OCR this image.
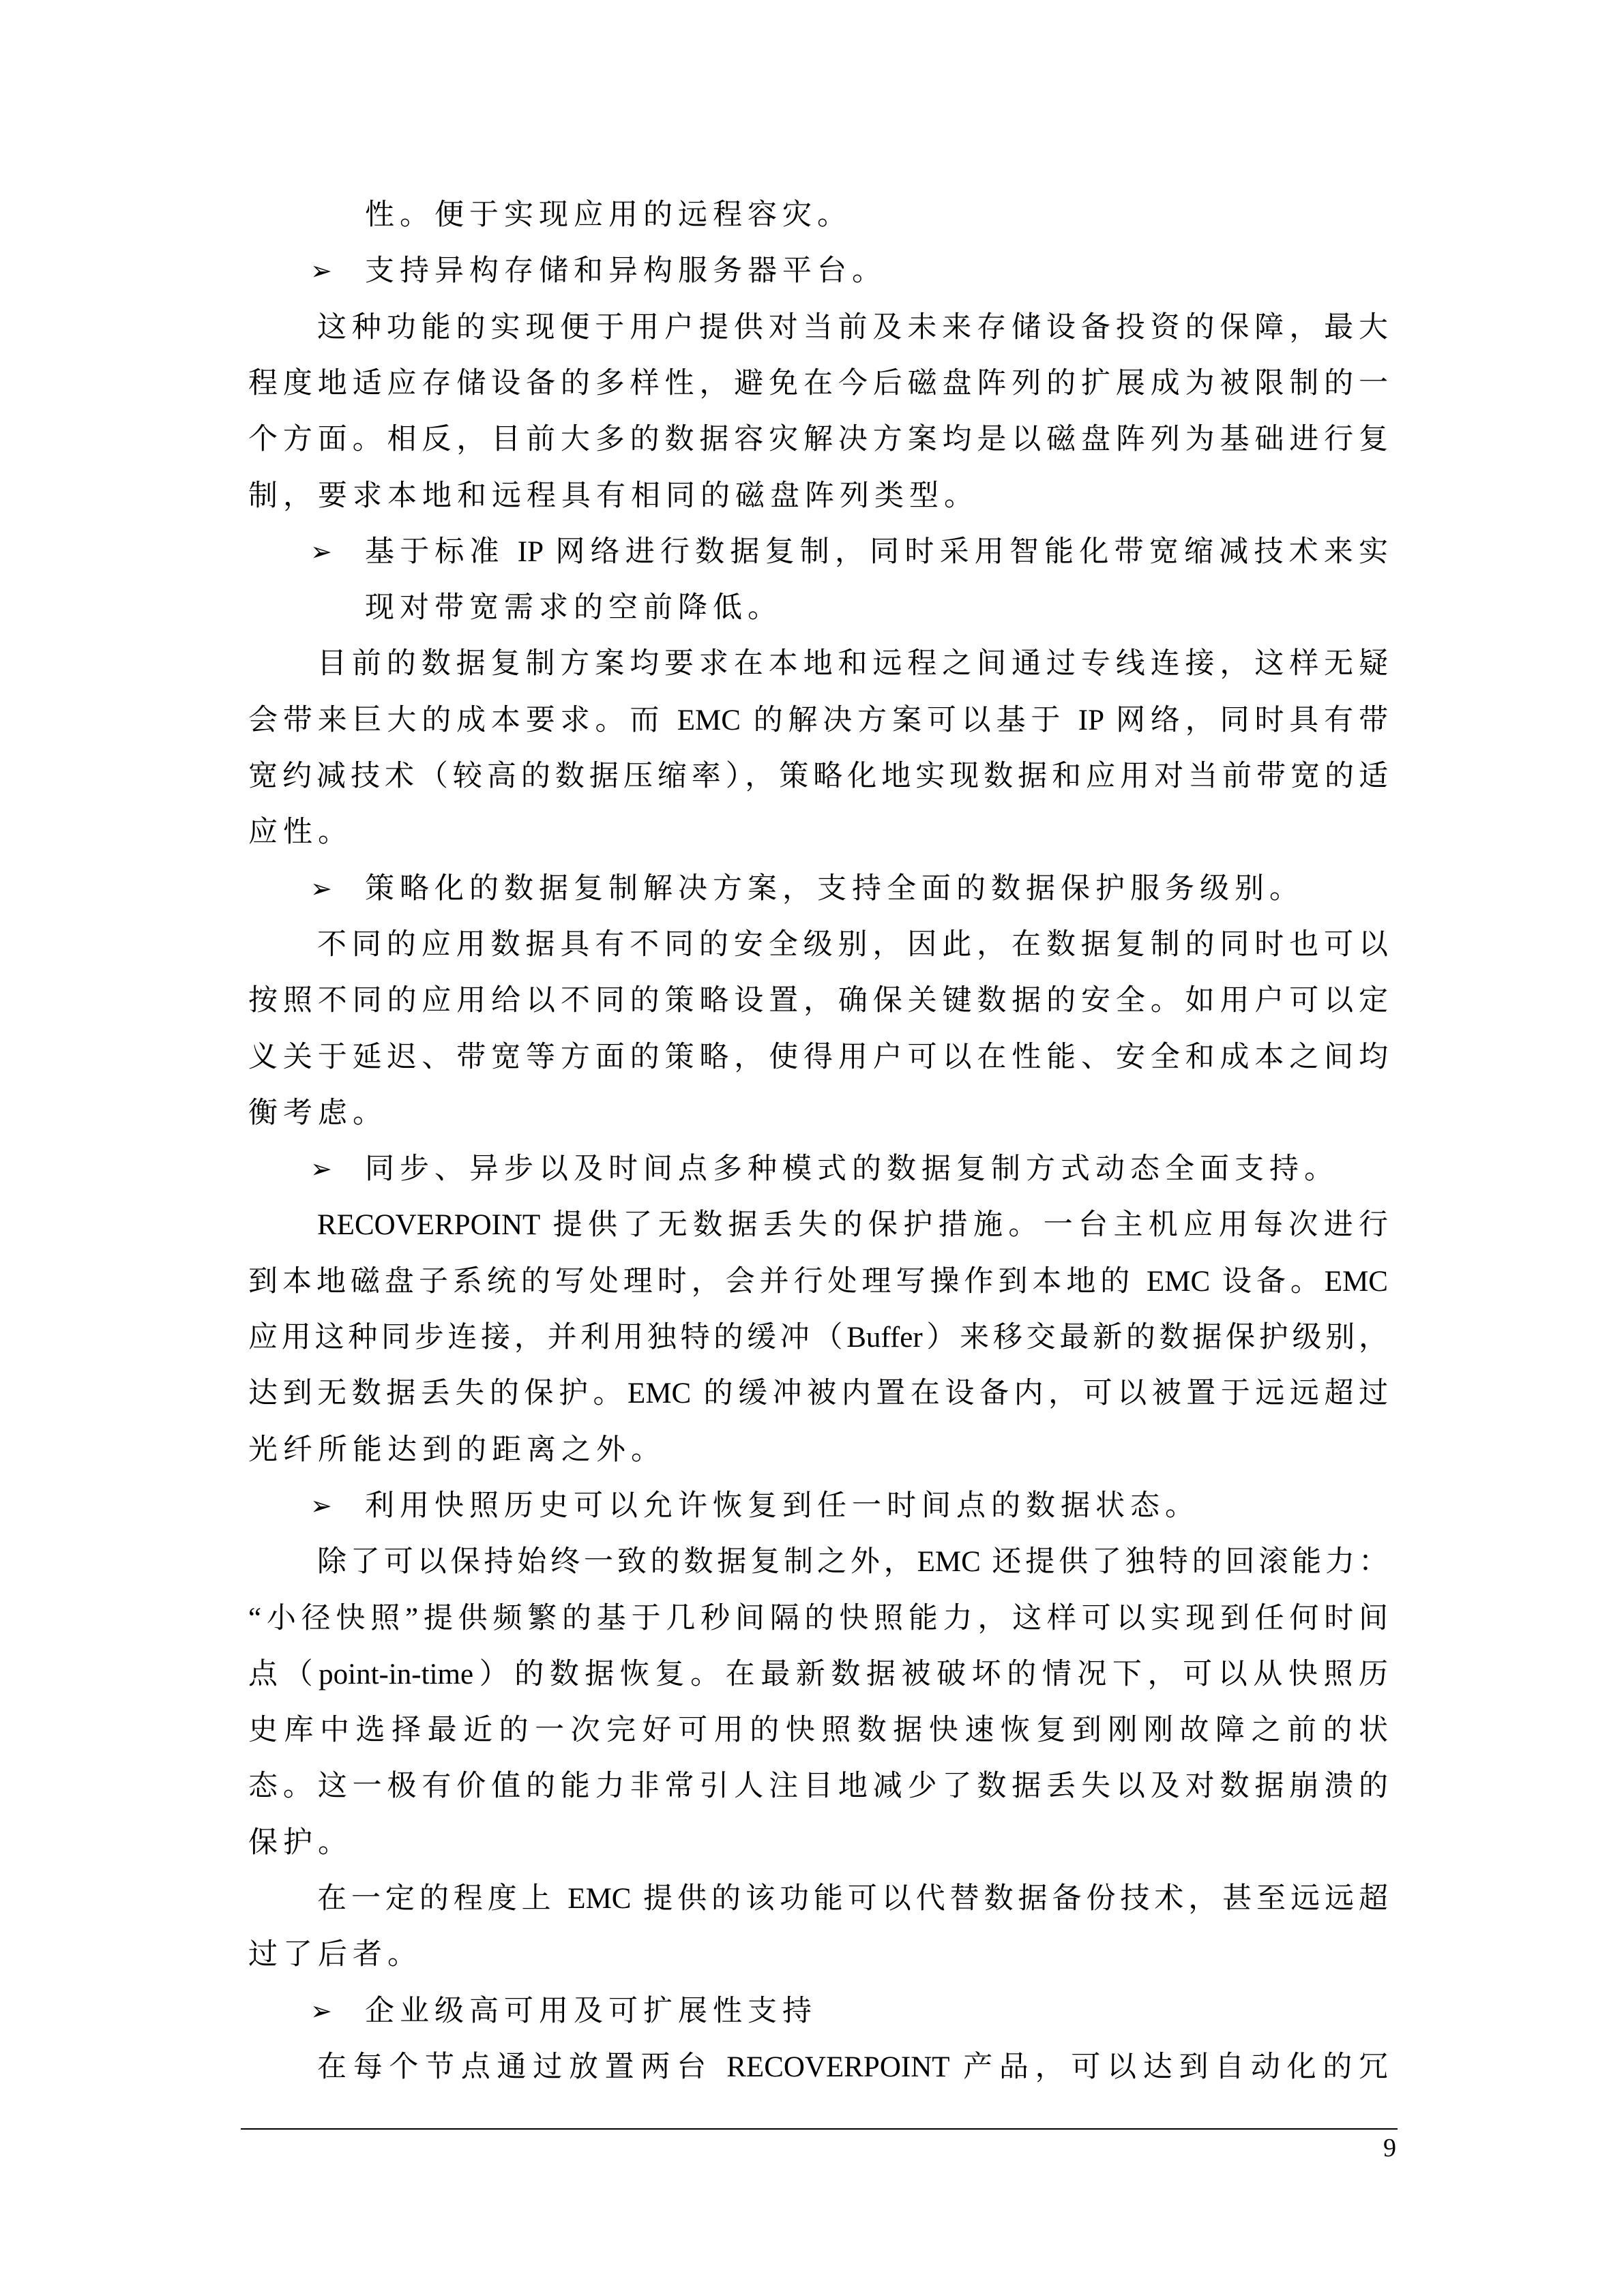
性。便于实现应用的远程容灾。
➢ 支持异构存储和异构服务器平台。
这种功能的实现便于用户提供对当前及未来存储设备投资的保障，最大
程度地适应存储设备的多样性，避免在今后磁盘阵列的扩展成为被限制的一
个方面。相反，目前大多的数据容灾解决方案均是以磁盘阵列为基础进行复
制，要求本地和远程具有相同的磁盘阵列类型。
➢ 基于标准 IP 网络进行数据复制，同时采用智能化带宽缩减技术来实
现对带宽需求的空前降低。
目前的数据复制方案均要求在本地和远程之间通过专线连接，这样无疑
会带来巨大的成本要求。而 EMC 的解决方案可以基于 IP 网络，同时具有带
宽约减技术（较高的数据压缩率），策略化地实现数据和应用对当前带宽的适
应性。
➢ 策略化的数据复制解决方案，支持全面的数据保护服务级别。
不同的应用数据具有不同的安全级别，因此，在数据复制的同时也可以
按照不同的应用给以不同的策略设置，确保关键数据的安全。如用户可以定
义关于延迟、带宽等方面的策略，使得用户可以在性能、安全和成本之间均
衡考虑。
➢ 同步、异步以及时间点多种模式的数据复制方式动态全面支持。
RECOVERPOINT 提供了无数据丢失的保护措施。一台主机应用每次进行
到本地磁盘子系统的写处理时，会并行处理写操作到本地的 EMC 设备。EMC
应用这种同步连接，并利用独特的缓冲（Buffer）来移交最新的数据保护级别，
达到无数据丢失的保护。EMC 的缓冲被内置在设备内，可以被置于远远超过
光纤所能达到的距离之外。
➢ 利用快照历史可以允许恢复到任一时间点的数据状态。
除了可以保持始终一致的数据复制之外，EMC 还提供了独特的回滚能力：
“小径快照”提供频繁的基于几秒间隔的快照能力，这样可以实现到任何时间
点（point-in-time）的数据恢复。在最新数据被破坏的情况下，可以从快照历
史库中选择最近的一次完好可用的快照数据快速恢复到刚刚故障之前的状
态。这一极有价值的能力非常引人注目地减少了数据丢失以及对数据崩溃的
保护。
在一定的程度上 EMC 提供的该功能可以代替数据备份技术，甚至远远超
过了后者。
➢ 企业级高可用及可扩展性支持
在每个节点通过放置两台 RECOVERPOINT 产品，可以达到自动化的冗
9
